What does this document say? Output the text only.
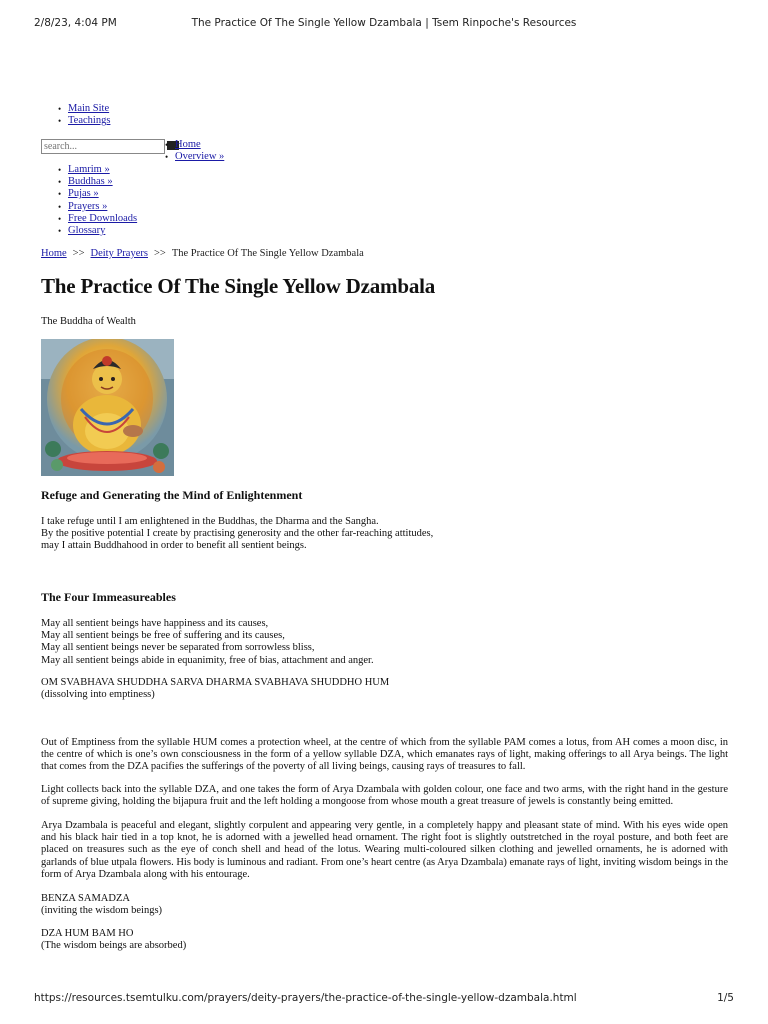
2/8/23, 4:04 PM	The Practice Of The Single Yellow Dzambala | Tsem Rinpoche's Resources
• Main Site
• Teachings
search...
• Home
• Overview »
• Lamrim »
• Buddhas »
• Pujas »
• Prayers »
• Free Downloads
• Glossary
Home >> Deity Prayers >> The Practice Of The Single Yellow Dzambala
The Practice Of The Single Yellow Dzambala
The Buddha of Wealth
Refuge and Generating the Mind of Enlightenment
I take refuge until I am enlightened in the Buddhas, the Dharma and the Sangha.
By the positive potential I create by practising generosity and the other far-reaching attitudes,
may I attain Buddhahood in order to benefit all sentient beings.
The Four Immeasureables
May all sentient beings have happiness and its causes,
May all sentient beings be free of suffering and its causes,
May all sentient beings never be separated from sorrowless bliss,
May all sentient beings abide in equanimity, free of bias, attachment and anger.
OM SVABHAVA SHUDDHA SARVA DHARMA SVABHAVA SHUDDHO HUM
(dissolving into emptiness)
Out of Emptiness from the syllable HUM comes a protection wheel, at the centre of which from the syllable PAM comes a lotus, from AH comes a moon disc, in the centre of which is one’s own consciousness in the form of a yellow syllable DZA, which emanates rays of light, making offerings to all Arya beings. The light that comes from the DZA pacifies the sufferings of the poverty of all living beings, causing rays of treasures to fall.
Light collects back into the syllable DZA, and one takes the form of Arya Dzambala with golden colour, one face and two arms, with the right hand in the gesture of supreme giving, holding the bijapura fruit and the left holding a mongoose from whose mouth a great treasure of jewels is constantly being emitted.
Arya Dzambala is peaceful and elegant, slightly corpulent and appearing very gentle, in a completely happy and pleasant state of mind. With his eyes wide open and his black hair tied in a top knot, he is adorned with a jewelled head ornament. The right foot is slightly outstretched in the royal posture, and both feet are placed on treasures such as the eye of conch shell and head of the lotus. Wearing multi-coloured silken clothing and jewelled ornaments, he is adorned with garlands of blue utpala flowers. His body is luminous and radiant. From one’s heart centre (as Arya Dzambala) emanate rays of light, inviting wisdom beings in the form of Arya Dzambala along with his entourage.
BENZA SAMADZA
(inviting the wisdom beings)
DZA HUM BAM HO
(The wisdom beings are absorbed)
https://resources.tsemtulku.com/prayers/deity-prayers/the-practice-of-the-single-yellow-dzambala.html	1/5
